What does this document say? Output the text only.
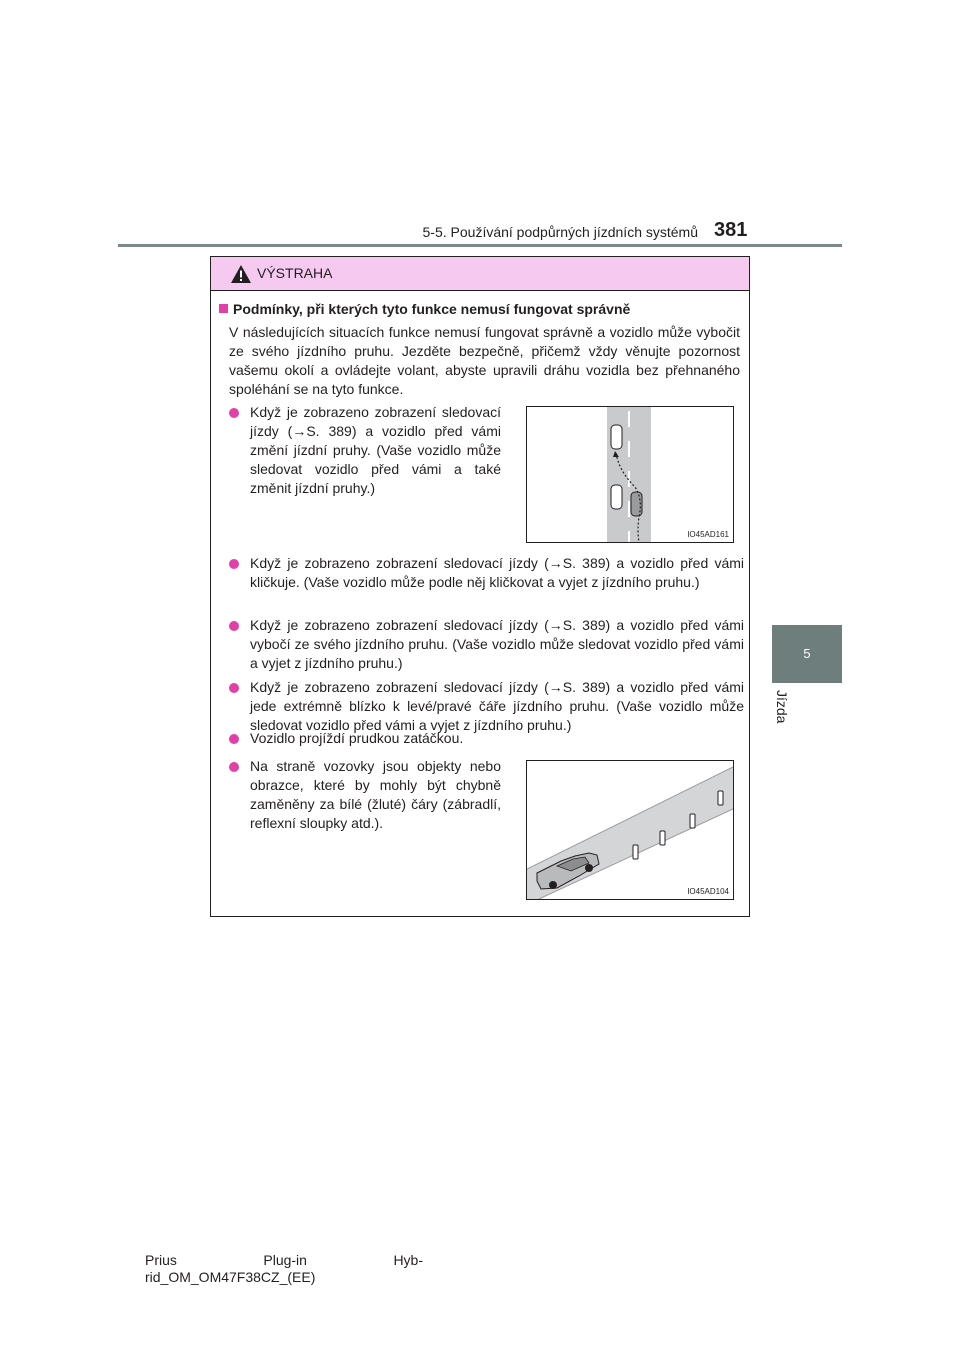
5-5. Používání podpůrných jízdních systémů 381
5
Jízda
VÝSTRAHA
Podmínky, při kterých tyto funkce nemusí fungovat správně
V následujících situacích funkce nemusí fungovat správně a vozidlo může vybočit ze svého jízdního pruhu. Jezděte bezpečně, přičemž vždy věnujte pozornost vašemu okolí a ovládejte volant, abyste upravili dráhu vozidla bez přehnaného spoléhání se na tyto funkce.
Když je zobrazeno zobrazení sledovací jízdy (→S. 389) a vozidlo před vámi změní jízdní pruhy. (Vaše vozidlo může sledovat vozidlo před vámi a také změnit jízdní pruhy.)
IO45AD161
Když je zobrazeno zobrazení sledovací jízdy (→S. 389) a vozidlo před vámi kličkuje. (Vaše vozidlo může podle něj kličkovat a vyjet z jízdního pruhu.)
Když je zobrazeno zobrazení sledovací jízdy (→S. 389) a vozidlo před vámi vybočí ze svého jízdního pruhu. (Vaše vozidlo může sledovat vozidlo před vámi a vyjet z jízdního pruhu.)
Když je zobrazeno zobrazení sledovací jízdy (→S. 389) a vozidlo před vámi jede extrémně blízko k levé/pravé čáře jízdního pruhu. (Vaše vozidlo může sledovat vozidlo před vámi a vyjet z jízdního pruhu.)
Vozidlo projíždí prudkou zatáčkou.
Na straně vozovky jsou objekty nebo obrazce, které by mohly být chybně zaměněny za bílé (žluté) čáry (zábradlí, reflexní sloupky atd.).
IO45AD104
Prius	Plug-in	Hyb-
rid_OM_OM47F38CZ_(EE)
